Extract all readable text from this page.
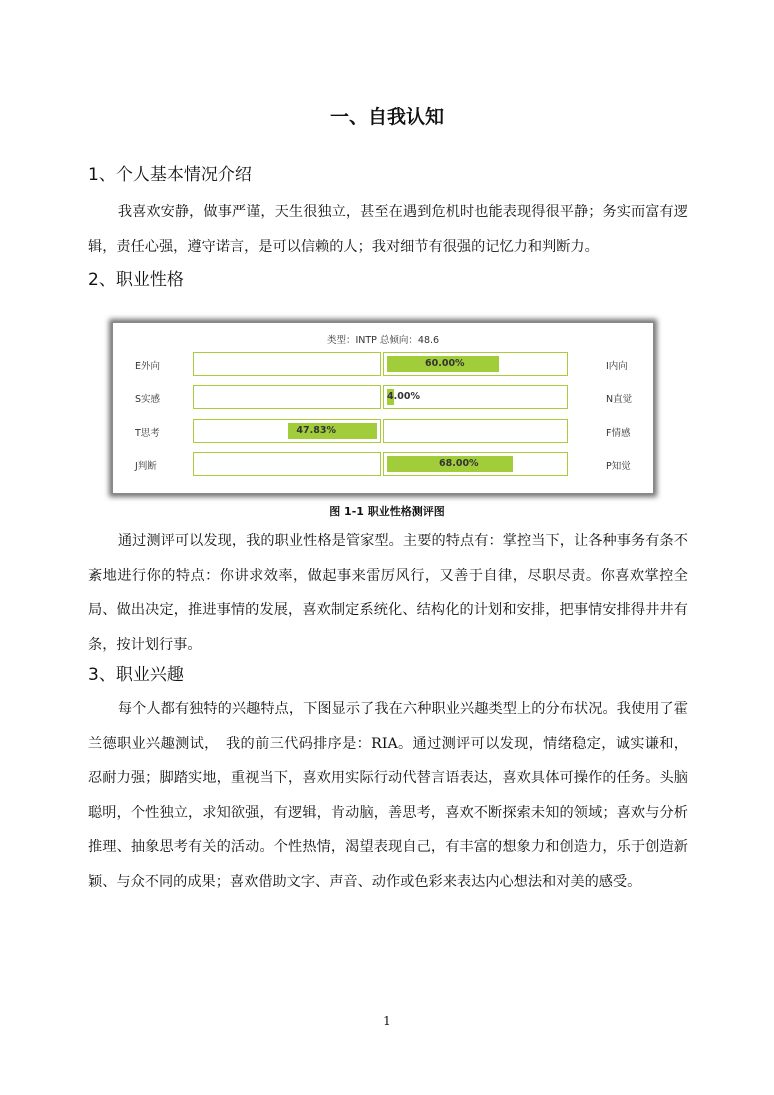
一、自我认知
1、个人基本情况介绍
我喜欢安静，做事严谨，天生很独立，甚至在遇到危机时也能表现得很平静；务实而富有逻辑，责任心强，遵守诺言，是可以信赖的人；我对细节有很强的记忆力和判断力。
2、职业性格
类型：INTP 总倾向：48.6
E外向	60.00%	I内向
S实感	4.00%	N直觉
T思考	47.83%	F情感
J判断	68.00%	P知觉
图 1-1 职业性格测评图
通过测评可以发现，我的职业性格是管家型。主要的特点有：掌控当下，让各种事务有条不紊地进行你的特点：你讲求效率，做起事来雷厉风行，又善于自律，尽职尽责。你喜欢掌控全局、做出决定，推进事情的发展，喜欢制定系统化、结构化的计划和安排，把事情安排得井井有条，按计划行事。
3、职业兴趣
每个人都有独特的兴趣特点，下图显示了我在六种职业兴趣类型上的分布状况。我使用了霍兰德职业兴趣测试，　我的前三代码排序是：RIA。通过测评可以发现，情绪稳定，诚实谦和，忍耐力强；脚踏实地，重视当下，喜欢用实际行动代替言语表达，喜欢具体可操作的任务。头脑聪明，个性独立，求知欲强，有逻辑，肯动脑，善思考，喜欢不断探索未知的领域；喜欢与分析推理、抽象思考有关的活动。个性热情，渴望表现自己，有丰富的想象力和创造力，乐于创造新颖、与众不同的成果；喜欢借助文字、声音、动作或色彩来表达内心想法和对美的感受。
1
